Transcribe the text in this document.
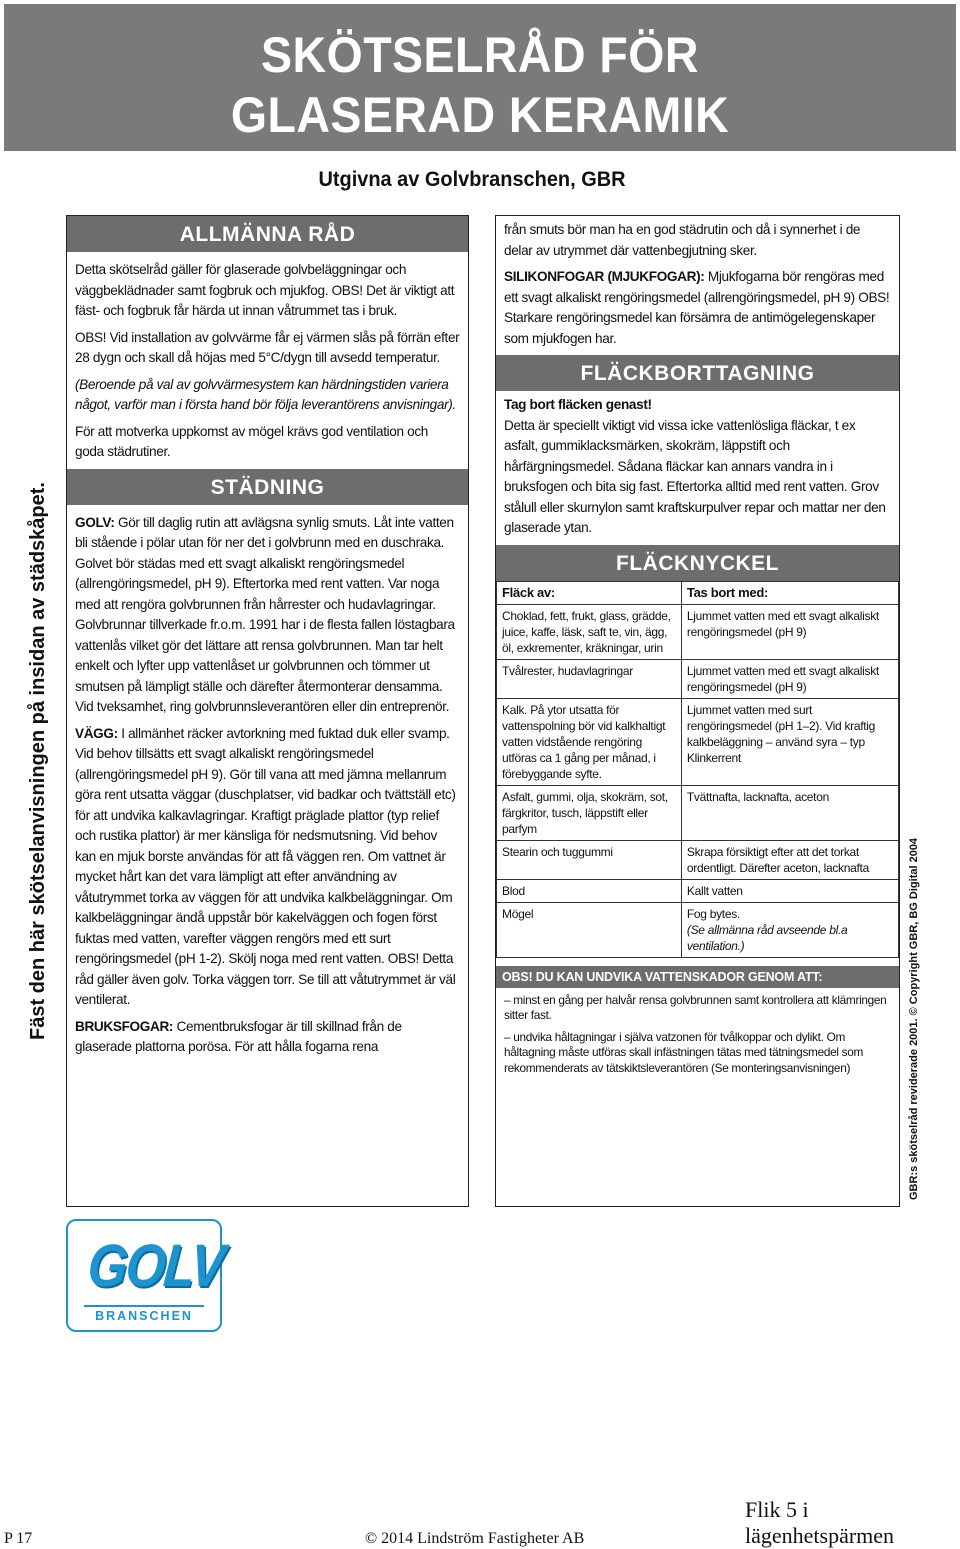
SKÖTSELRÅD FÖR
GLASERAD KERAMIK
Utgivna av Golvbranschen, GBR
Fäst den här skötselanvisningen på insidan av städskåpet.	GBR:s skötselråd reviderade 2001. © Copyright GBR, BG Digital 2004
ALLMÄNNA RÅD

Detta skötselråd gäller för glaserade golvbeläggningar och väggbeklädnader samt fogbruk och mjukfog. OBS! Det är viktigt att fäst- och fogbruk får härda ut innan våtrummet tas i bruk.

OBS! Vid installation av golvvärme får ej värmen slås på förrän efter 28 dygn och skall då höjas med 5°C/dygn till avsedd temperatur.

(Beroende på val av golvvärmesystem kan härdningstiden variera något, varför man i första hand bör följa leverantörens anvisningar).

För att motverka uppkomst av mögel krävs god ventilation och goda städrutiner.

STÄDNING

GOLV: Gör till daglig rutin att avlägsna synlig smuts. Låt inte vatten bli stående i pölar utan för ner det i golvbrunn med en duschraka. Golvet bör städas med ett svagt alkaliskt rengöringsmedel (allrengöringsmedel, pH 9). Eftertorka med rent vatten. Var noga med att rengöra golvbrunnen från hårrester och hudavlagringar. Golvbrunnar tillverkade fr.o.m. 1991 har i de flesta fallen löstagbara vattenlås vilket gör det lättare att rensa golvbrunnen. Man tar helt enkelt och lyfter upp vattenlåset ur golvbrunnen och tömmer ut smutsen på lämpligt ställe och därefter återmonterar densamma. Vid tveksamhet, ring golvbrunnsleverantören eller din entreprenör.

VÄGG: I allmänhet räcker avtorkning med fuktad duk eller svamp. Vid behov tillsätts ett svagt alkaliskt rengöringsmedel (allrengöringsmedel pH 9). Gör till vana att med jämna mellanrum göra rent utsatta väggar (duschplatser, vid badkar och tvättställ etc) för att undvika kalkavlagringar. Kraftigt präglade plattor (typ relief och rustika plattor) är mer känsliga för nedsmutsning. Vid behov kan en mjuk borste användas för att få väggen ren. Om vattnet är mycket hårt kan det vara lämpligt att efter användning av våtutrymmet torka av väggen för att undvika kalkbeläggningar. Om kalkbeläggningar ändå uppstår bör kakelväggen och fogen först fuktas med vatten, varefter väggen rengörs med ett surt rengöringsmedel (pH 1-2). Skölj noga med rent vatten. OBS! Detta råd gäller även golv. Torka väggen torr. Se till att våtutrymmet är väl ventilerat.

BRUKSFOGAR: Cementbruksfogar är till skillnad från de glaserade plattorna porösa. För att hålla fogarna rena

från smuts bör man ha en god städrutin och då i synnerhet i de delar av utrymmet där vattenbegjutning sker.

SILIKONFOGAR (MJUKFOGAR): Mjukfogarna bör rengöras med ett svagt alkaliskt rengöringsmedel (allrengöringsmedel, pH 9) OBS! Starkare rengöringsmedel kan försämra de antimögelegenskaper som mjukfogen har.

FLÄCKBORTTAGNING

Tag bort fläcken genast!
Detta är speciellt viktigt vid vissa icke vattenlösliga fläckar, t ex asfalt, gummiklacksmärken, skokräm, läppstift och hårfärgningsmedel. Sådana fläckar kan annars vandra in i bruksfogen och bita sig fast. Eftertorka alltid med rent vatten. Grov stålull eller skurnylon samt kraftskurpulver repar och mattar ner den glaserade ytan.

FLÄCKNYCKEL
Fläck av:	Tas bort med:
Choklad, fett, frukt, glass, grädde, juice, kaffe, läsk, saft te, vin, ägg, öl, exkrementer, kräkningar, urin	Ljummet vatten med ett svagt alkaliskt rengöringsmedel (pH 9)
Tvålrester, hudavlagringar	Ljummet vatten med ett svagt alkaliskt rengöringsmedel (pH 9)
Kalk. På ytor utsatta för vattenspolning bör vid kalkhaltigt vatten vidstående rengöring utföras ca 1 gång per månad, i förebyggande syfte.	Ljummet vatten med surt rengöringsmedel (pH 1–2). Vid kraftig kalkbeläggning – använd syra – typ Klinkerrent
Asfalt, gummi, olja, skokräm, sot, färgkritor, tusch, läppstift eller parfym	Tvättnafta, lacknafta, aceton
Stearin och tuggummi	Skrapa försiktigt efter att det torkat ordentligt. Därefter aceton, lacknafta
Blod	Kallt vatten
Mögel	Fog bytes.
(Se allmänna råd avseende bl.a ventilation.)
OBS! DU KAN UNDVIKA VATTENSKADOR GENOM ATT:
– minst en gång per halvår rensa golvbrunnen samt kontrollera att klämringen sitter fast.
– undvika håltagningar i själva vatzonen för tvålkoppar och dylikt. Om håltagning måste utföras skall infästningen tätas med tätningsmedel som rekommenderats av tätskiktsleverantören (Se monteringsanvisningen)
GOLV
BRANSCHEN
P 17	© 2014 Lindström Fastigheter AB
Flik 5 i lägenhetspärmen
